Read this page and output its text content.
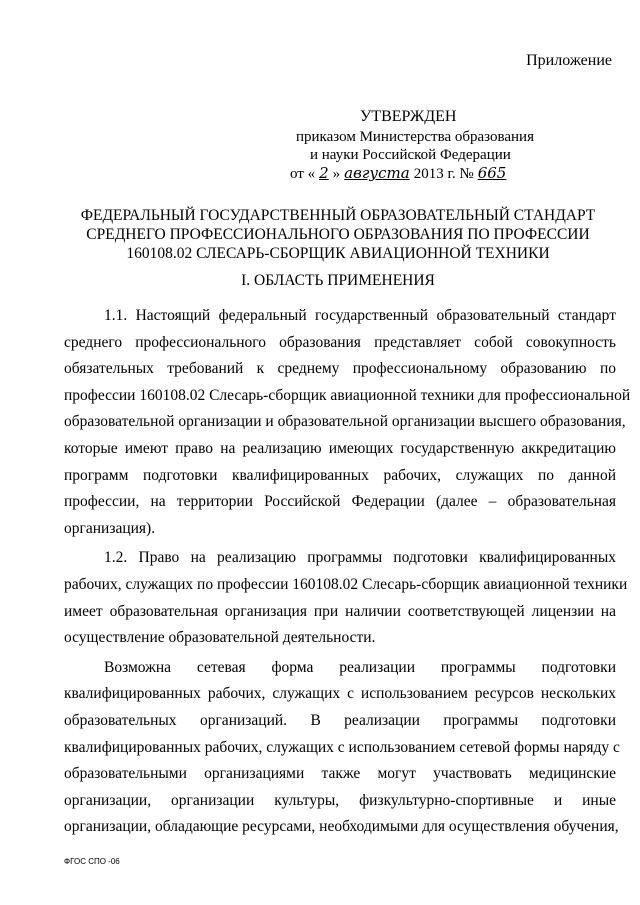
Приложение
УТВЕРЖДЕН
приказом Министерства образования
и науки Российской Федерации
от « 2 » августа 2013 г. № 665
ФЕДЕРАЛЬНЫЙ ГОСУДАРСТВЕННЫЙ ОБРАЗОВАТЕЛЬНЫЙ СТАНДАРТ
СРЕДНЕГО ПРОФЕССИОНАЛЬНОГО ОБРАЗОВАНИЯ ПО ПРОФЕССИИ
160108.02 СЛЕСАРЬ-СБОРЩИК АВИАЦИОННОЙ ТЕХНИКИ
I. ОБЛАСТЬ ПРИМЕНЕНИЯ
1.1. Настоящий федеральный государственный образовательный стандарт
среднего профессионального образования представляет собой совокупность
обязательных требований к среднему профессиональному образованию по
профессии 160108.02 Слесарь-сборщик авиационной техники для профессиональной
образовательной организации и образовательной организации высшего образования,
которые имеют право на реализацию имеющих государственную аккредитацию
программ подготовки квалифицированных рабочих, служащих по данной
профессии, на территории Российской Федерации (далее – образовательная
организация).
1.2. Право на реализацию программы подготовки квалифицированных
рабочих, служащих по профессии 160108.02 Слесарь-сборщик авиационной техники
имеет образовательная организация при наличии соответствующей лицензии на
осуществление образовательной деятельности.
Возможна сетевая форма реализации программы подготовки
квалифицированных рабочих, служащих с использованием ресурсов нескольких
образовательных организаций. В реализации программы подготовки
квалифицированных рабочих, служащих с использованием сетевой формы наряду с
образовательными организациями также могут участвовать медицинские
организации, организации культуры, физкультурно-спортивные и иные
организации, обладающие ресурсами, необходимыми для осуществления обучения,
ФГОС СПО -06
